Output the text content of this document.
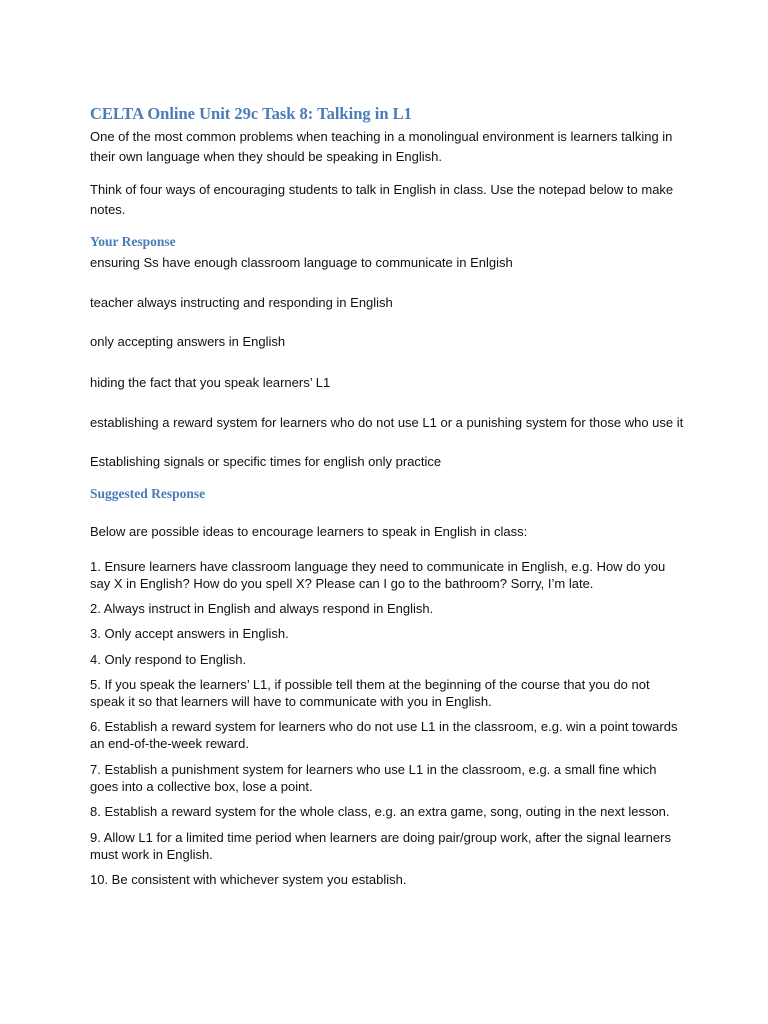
CELTA Online Unit 29c Task 8: Talking in L1
One of the most common problems when teaching in a monolingual environment is learners talking in their own language when they should be speaking in English.
Think of four ways of encouraging students to talk in English in class. Use the notepad below to make notes.
Your Response
ensuring Ss have enough classroom language to communicate in Enlgish
teacher always instructing and responding in English
only accepting answers in English
hiding the fact that you speak learners’ L1
establishing a reward system for learners who do not use L1 or a punishing system for those who use it
Establishing signals or specific times for english only practice
Suggested Response
Below are possible ideas to encourage learners to speak in English in class:
1. Ensure learners have classroom language they need to communicate in English, e.g. How do you say X in English? How do you spell X? Please can I go to the bathroom? Sorry, I’m late.
2. Always instruct in English and always respond in English.
3. Only accept answers in English.
4. Only respond to English.
5. If you speak the learners’ L1, if possible tell them at the beginning of the course that you do not speak it so that learners will have to communicate with you in English.
6. Establish a reward system for learners who do not use L1 in the classroom, e.g. win a point towards an end-of-the-week reward.
7. Establish a punishment system for learners who use L1 in the classroom, e.g. a small fine which goes into a collective box, lose a point.
8. Establish a reward system for the whole class, e.g. an extra game, song, outing in the next lesson.
9. Allow L1 for a limited time period when learners are doing pair/group work, after the signal learners must work in English.
10. Be consistent with whichever system you establish.
